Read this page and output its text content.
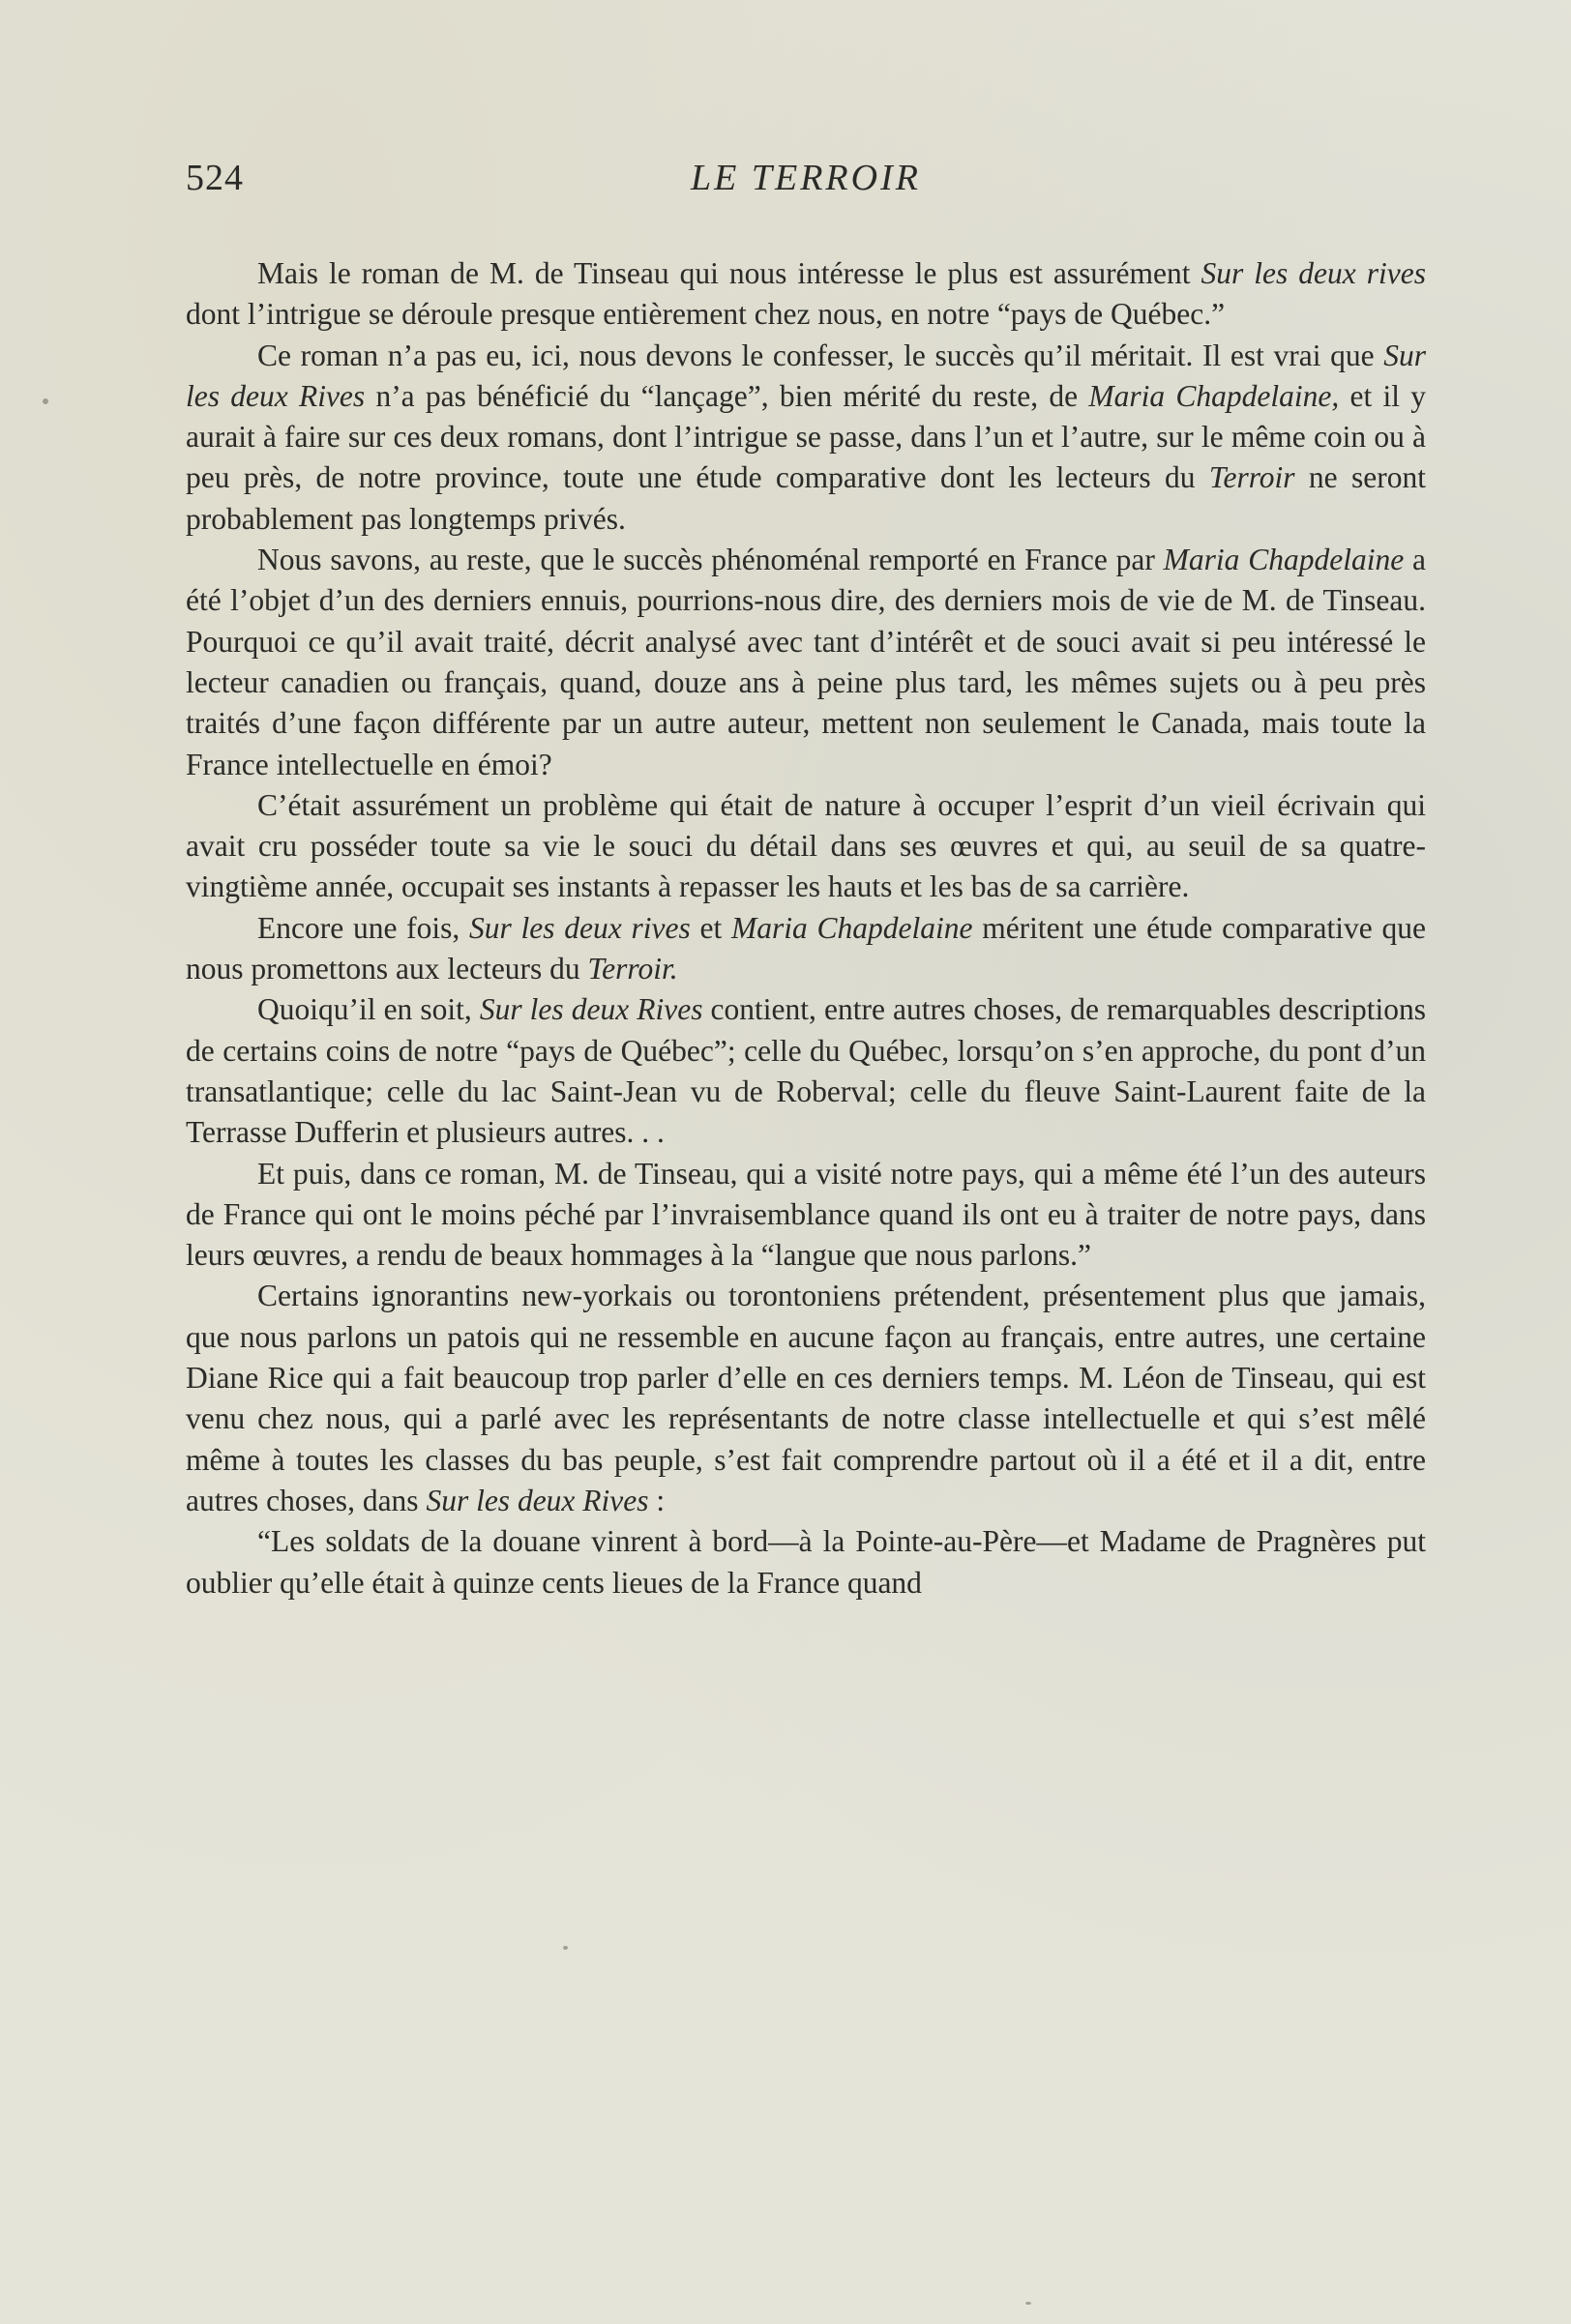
524	LE TERROIR

Mais le roman de M. de Tinseau qui nous intéresse le plus est assurément Sur les deux rives dont l’intrigue se déroule presque entièrement chez nous, en notre “pays de Québec.”

Ce roman n’a pas eu, ici, nous devons le confesser, le succès qu’il méritait. Il est vrai que Sur les deux Rives n’a pas bénéficié du “lançage”, bien mérité du reste, de Maria Chapdelaine, et il y aurait à faire sur ces deux romans, dont l’intrigue se passe, dans l’un et l’autre, sur le même coin ou à peu près, de notre province, toute une étude comparative dont les lecteurs du Terroir ne seront probablement pas longtemps privés.

Nous savons, au reste, que le succès phénoménal remporté en France par Maria Chapdelaine a été l’objet d’un des derniers ennuis, pourrions-nous dire, des derniers mois de vie de M. de Tinseau. Pourquoi ce qu’il avait traité, décrit analysé avec tant d’intérêt et de souci avait si peu intéressé le lecteur canadien ou français, quand, douze ans à peine plus tard, les mêmes sujets ou à peu près traités d’une façon différente par un autre auteur, mettent non seulement le Canada, mais toute la France intellectuelle en émoi?

C’était assurément un problème qui était de nature à occuper l’esprit d’un vieil écrivain qui avait cru posséder toute sa vie le souci du détail dans ses œuvres et qui, au seuil de sa quatre-vingtième année, occupait ses instants à repasser les hauts et les bas de sa carrière.

Encore une fois, Sur les deux rives et Maria Chapdelaine méritent une étude comparative que nous promettons aux lecteurs du Terroir.

Quoiqu’il en soit, Sur les deux Rives contient, entre autres choses, de remarquables descriptions de certains coins de notre “pays de Québec”; celle du Québec, lorsqu’on s’en approche, du pont d’un transatlantique; celle du lac Saint-Jean vu de Roberval; celle du fleuve Saint-Laurent faite de la Terrasse Dufferin et plusieurs autres. . .

Et puis, dans ce roman, M. de Tinseau, qui a visité notre pays, qui a même été l’un des auteurs de France qui ont le moins péché par l’invraisemblance quand ils ont eu à traiter de notre pays, dans leurs œuvres, a rendu de beaux hommages à la “langue que nous parlons.”

Certains ignorantins new-yorkais ou torontoniens prétendent, présentement plus que jamais, que nous parlons un patois qui ne ressemble en aucune façon au français, entre autres, une certaine Diane Rice qui a fait beaucoup trop parler d’elle en ces derniers temps. M. Léon de Tinseau, qui est venu chez nous, qui a parlé avec les représentants de notre classe intellectuelle et qui s’est mêlé même à toutes les classes du bas peuple, s’est fait comprendre partout où il a été et il a dit, entre autres choses, dans Sur les deux Rives :

“Les soldats de la douane vinrent à bord—à la Pointe-au-Père—et Madame de Pragnères put oublier qu’elle était à quinze cents lieues de la France quand
